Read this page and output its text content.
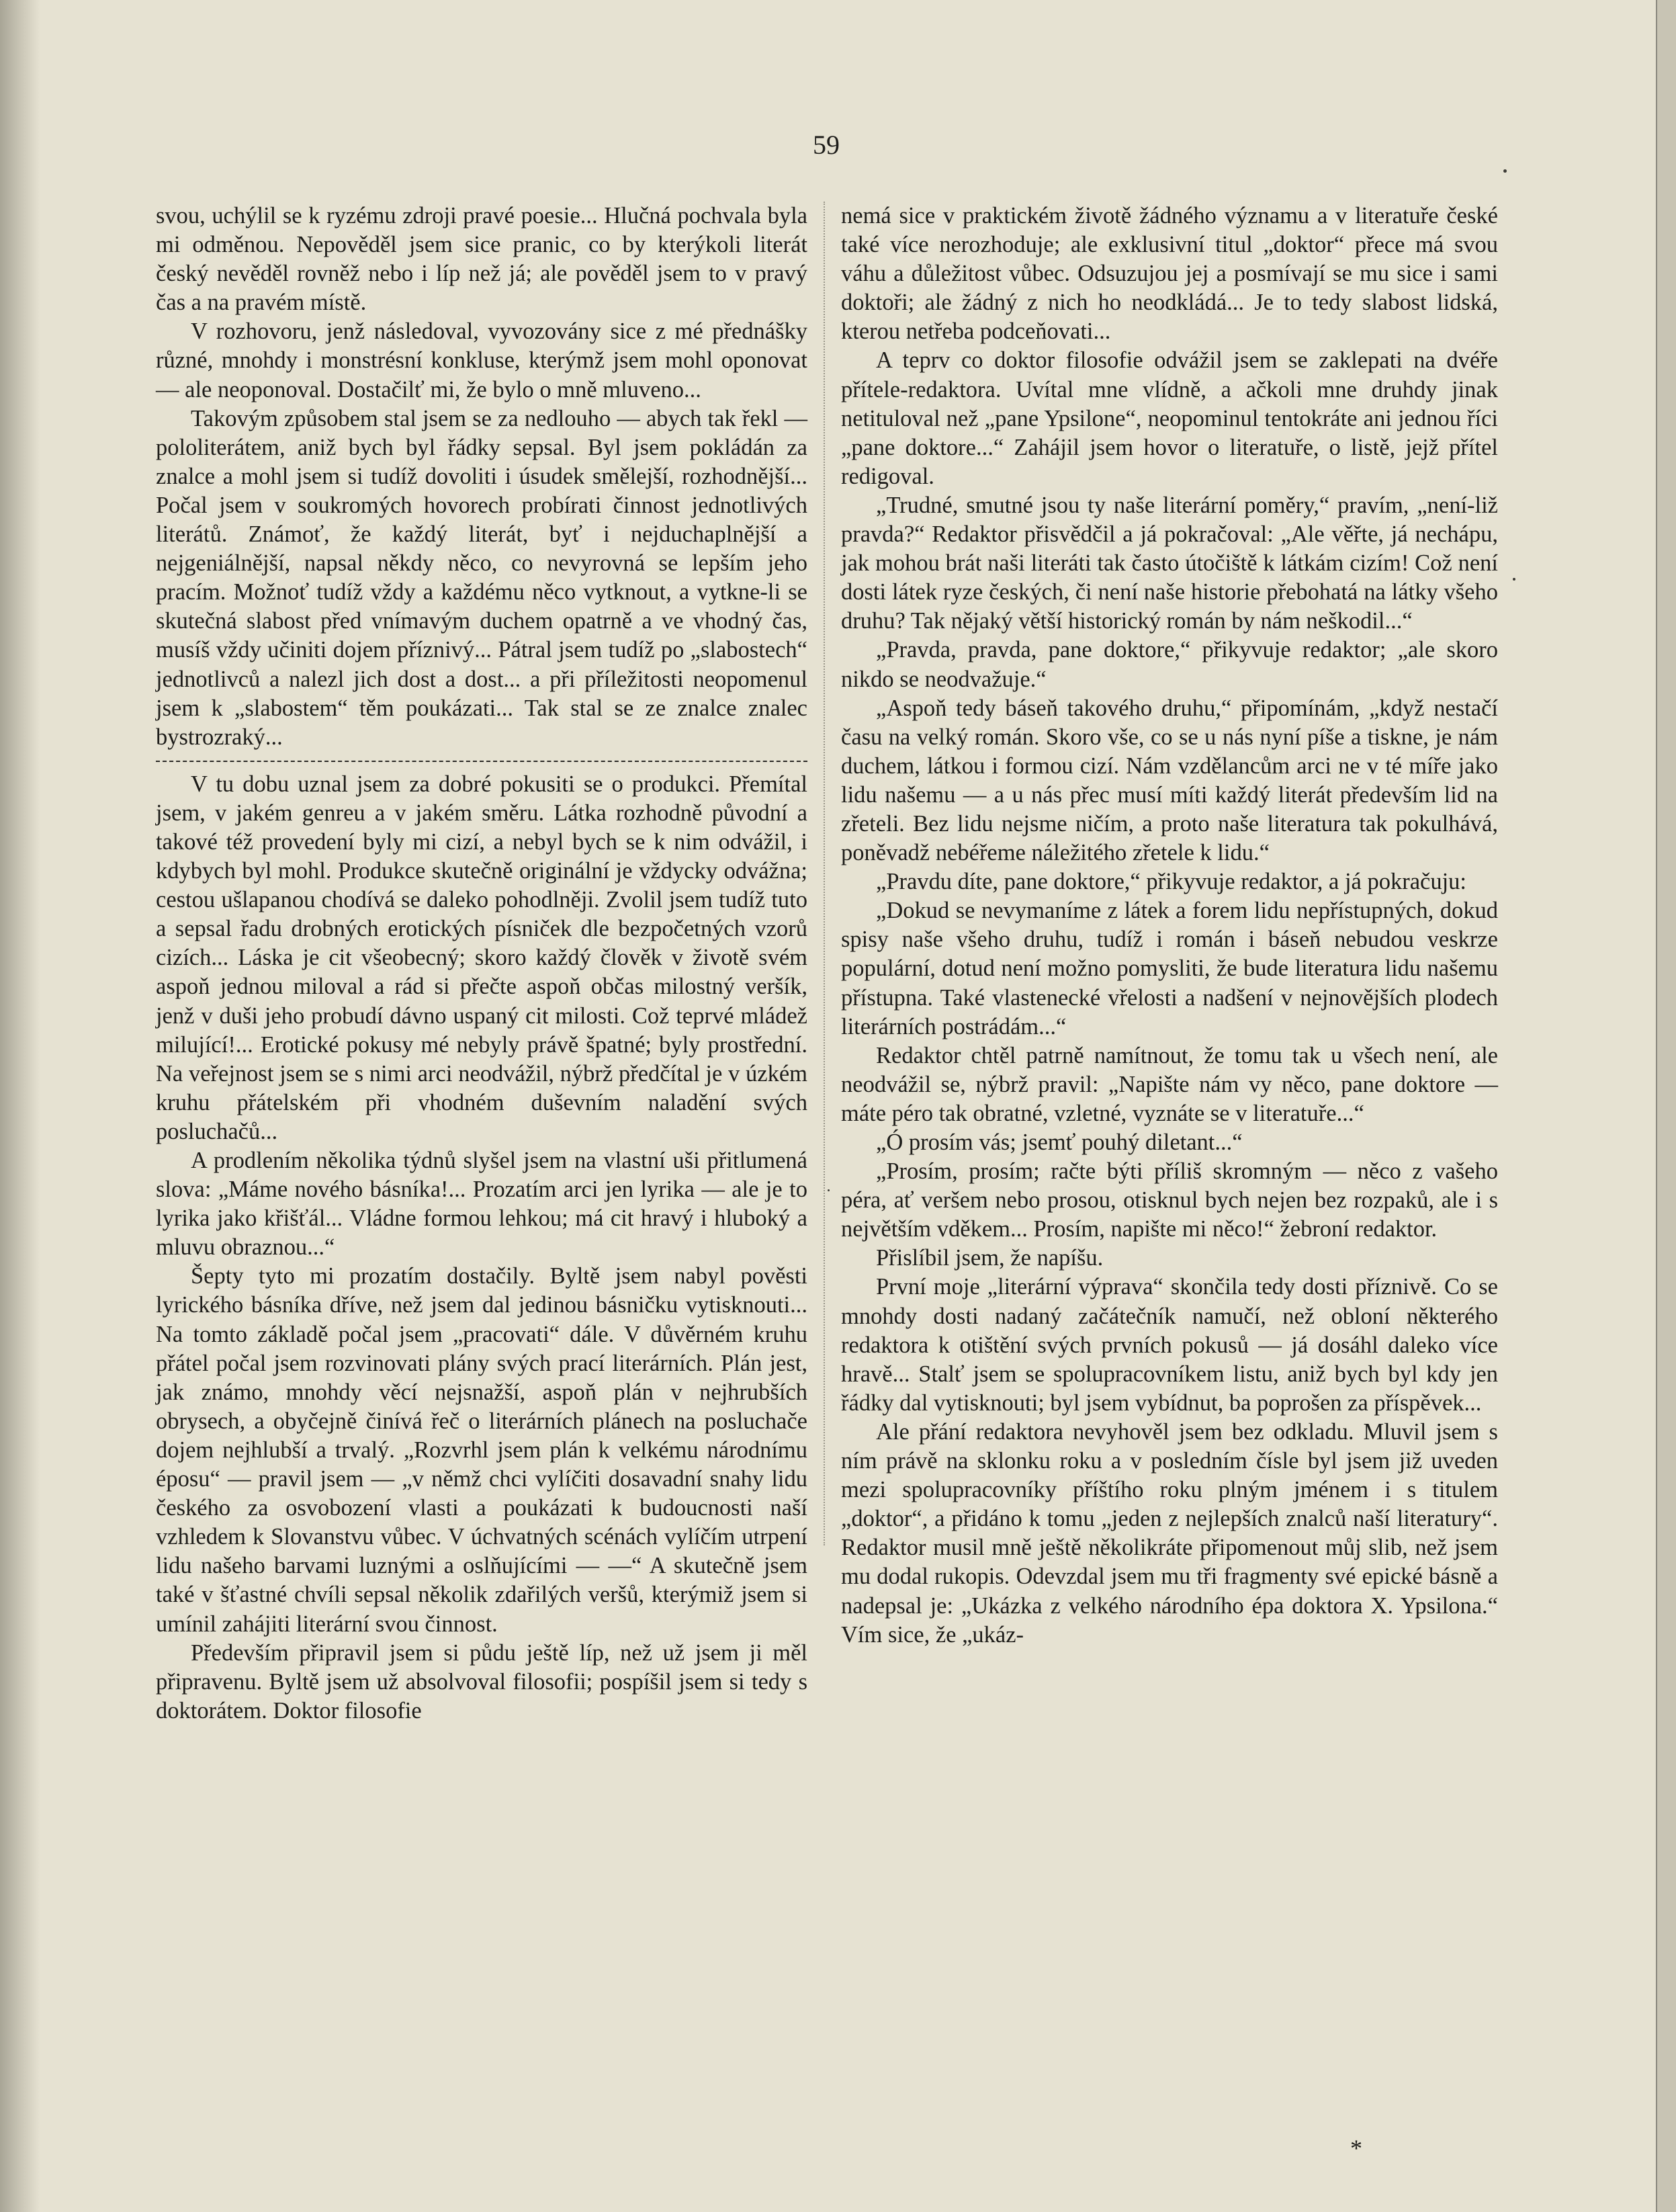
59

svou, uchýlil se k ryzému zdroji pravé poesie... Hlučná pochvala byla mi odměnou. Nepověděl jsem sice pranic, co by kterýkoli literát český nevěděl rovněž nebo i líp než já; ale pověděl jsem to v pravý čas a na pravém místě.

V rozhovoru, jenž následoval, vyvozovány sice z mé přednášky různé, mnohdy i monstrésní konkluse, kterýmž jsem mohl oponovat — ale neoponoval. Dostačilť mi, že bylo o mně mluveno...

Takovým způsobem stal jsem se za nedlouho — abych tak řekl — pololiterátem, aniž bych byl řádky sepsal. Byl jsem pokládán za znalce a mohl jsem si tudíž dovoliti i úsudek smělejší, rozhodnější... Počal jsem v soukromých hovorech probírati činnost jednotlivých literátů. Známoť, že každý literát, byť i nejduchaplnější a nejgeniálnější, napsal někdy něco, co nevyrovná se lepším jeho pracím. Možnoť tudíž vždy a každému něco vytknout, a vytkne-li se skutečná slabost před vnímavým duchem opatrně a ve vhodný čas, musíš vždy učiniti dojem příznivý... Pátral jsem tudíž po „slabostech“ jednotlivců a nalezl jich dost a dost... a při příležitosti neopomenul jsem k „slabostem“ těm poukázati... Tak stal se ze znalce znalec bystrozraký...

V tu dobu uznal jsem za dobré pokusiti se o produkci. Přemítal jsem, v jakém genreu a v jakém směru. Látka rozhodně původní a takové též provedení byly mi cizí, a nebyl bych se k nim odvážil, i kdybych byl mohl. Produkce skutečně originální je vždycky odvážna; cestou ušlapanou chodívá se daleko pohodlněji. Zvolil jsem tudíž tuto a sepsal řadu drobných erotických písniček dle bezpočetných vzorů cizích... Láska je cit všeobecný; skoro každý člověk v životě svém aspoň jednou miloval a rád si přečte aspoň občas milostný veršík, jenž v duši jeho probudí dávno uspaný cit milosti. Což teprvé mládež milující!... Erotické pokusy mé nebyly právě špatné; byly prostřední. Na veřejnost jsem se s nimi arci neodvážil, nýbrž předčítal je v úzkém kruhu přátelském při vhodném duševním naladění svých posluchačů...

A prodlením několika týdnů slyšel jsem na vlastní uši přitlumená slova: „Máme nového básníka!... Prozatím arci jen lyrika — ale je to lyrika jako křišťál... Vládne formou lehkou; má cit hravý i hluboký a mluvu obraznou...“

Šepty tyto mi prozatím dostačily. Byltě jsem nabyl pověsti lyrického básníka dříve, než jsem dal jedinou básničku vytisknouti... Na tomto základě počal jsem „pracovati“ dále. V důvěrném kruhu přátel počal jsem rozvinovati plány svých prací literárních. Plán jest, jak známo, mnohdy věcí nejsnažší, aspoň plán v nejhrubších obrysech, a obyčejně činívá řeč o literárních plánech na posluchače dojem nejhlubší a trvalý. „Rozvrhl jsem plán k velkému národnímu éposu“ — pravil jsem — „v němž chci vylíčiti dosavadní snahy lidu českého za osvobození vlasti a poukázati k budoucnosti naší vzhledem k Slovanstvu vůbec. V úchvatných scénách vylíčím utrpení lidu našeho barvami luznými a oslňujícími — —“ A skutečně jsem také v šťastné chvíli sepsal několik zdařilých veršů, kterýmiž jsem si umínil zahájiti literární svou činnost.

Především připravil jsem si půdu ještě líp, než už jsem ji měl připravenu. Byltě jsem už absolvoval filosofii; pospíšil jsem si tedy s doktorátem. Doktor filosofie

nemá sice v praktickém životě žádného významu a v literatuře české také více nerozhoduje; ale exklusivní titul „doktor“ přece má svou váhu a důležitost vůbec. Odsuzujou jej a posmívají se mu sice i sami doktoři; ale žádný z nich ho neodkládá... Je to tedy slabost lidská, kterou netřeba podceňovati...

A teprv co doktor filosofie odvážil jsem se zaklepati na dvéře přítele-redaktora. Uvítal mne vlídně, a ačkoli mne druhdy jinak netituloval než „pane Ypsilone“, neopominul tentokráte ani jednou říci „pane doktore...“ Zahájil jsem hovor o literatuře, o listě, jejž přítel redigoval.

„Trudné, smutné jsou ty naše literární poměry,“ pravím, „není-liž pravda?“ Redaktor přisvědčil a já pokračoval: „Ale věřte, já nechápu, jak mohou brát naši literáti tak často útočiště k látkám cizím! Což není dosti látek ryze českých, či není naše historie přebohatá na látky všeho druhu? Tak nějaký větší historický román by nám neškodil...“

„Pravda, pravda, pane doktore,“ přikyvuje redaktor; „ale skoro nikdo se neodvažuje.“

„Aspoň tedy báseň takového druhu,“ připomínám, „když nestačí času na velký román. Skoro vše, co se u nás nyní píše a tiskne, je nám duchem, látkou i formou cizí. Nám vzdělancům arci ne v té míře jako lidu našemu — a u nás přec musí míti každý literát především lid na zřeteli. Bez lidu nejsme ničím, a proto naše literatura tak pokulhává, poněvadž nebéřeme náležitého zřetele k lidu.“

„Pravdu díte, pane doktore,“ přikyvuje redaktor, a já pokračuju:

„Dokud se nevymaníme z látek a forem lidu nepřístupných, dokud spisy naše všeho druhu, tudíž i román i báseň nebudou veskrze populární, dotud není možno pomysliti, že bude literatura lidu našemu přístupna. Také vlastenecké vřelosti a nadšení v nejnovějších plodech literárních postrádám...“

Redaktor chtěl patrně namítnout, že tomu tak u všech není, ale neodvážil se, nýbrž pravil: „Napište nám vy něco, pane doktore — máte péro tak obratné, vzletné, vyznáte se v literatuře...“

„Ó prosím vás; jsemť pouhý diletant...“

„Prosím, prosím; račte býti příliš skromným — něco z vašeho péra, ať veršem nebo prosou, otisknul bych nejen bez rozpaků, ale i s největším vděkem... Prosím, napište mi něco!“ žebroní redaktor.

Přislíbil jsem, že napíšu.

První moje „literární výprava“ skončila tedy dosti příznivě. Co se mnohdy dosti nadaný začátečník namučí, než obloní některého redaktora k otištění svých prvních pokusů — já dosáhl daleko více hravě... Stalť jsem se spolupracovníkem listu, aniž bych byl kdy jen řádky dal vytisknouti; byl jsem vybídnut, ba poprošen za příspěvek...

Ale přání redaktora nevyhověl jsem bez odkladu. Mluvil jsem s ním právě na sklonku roku a v posledním čísle byl jsem již uveden mezi spolupracovníky příštího roku plným jménem i s titulem „doktor“, a přidáno k tomu „jeden z nejlepších znalců naší literatury“. Redaktor musil mně ještě několikráte připomenout můj slib, než jsem mu dodal rukopis. Odevzdal jsem mu tři fragmenty své epické básně a nadepsal je: „Ukázka z velkého národního épa doktora X. Ypsilona.“ Vím sice, že „ukáz-

*
